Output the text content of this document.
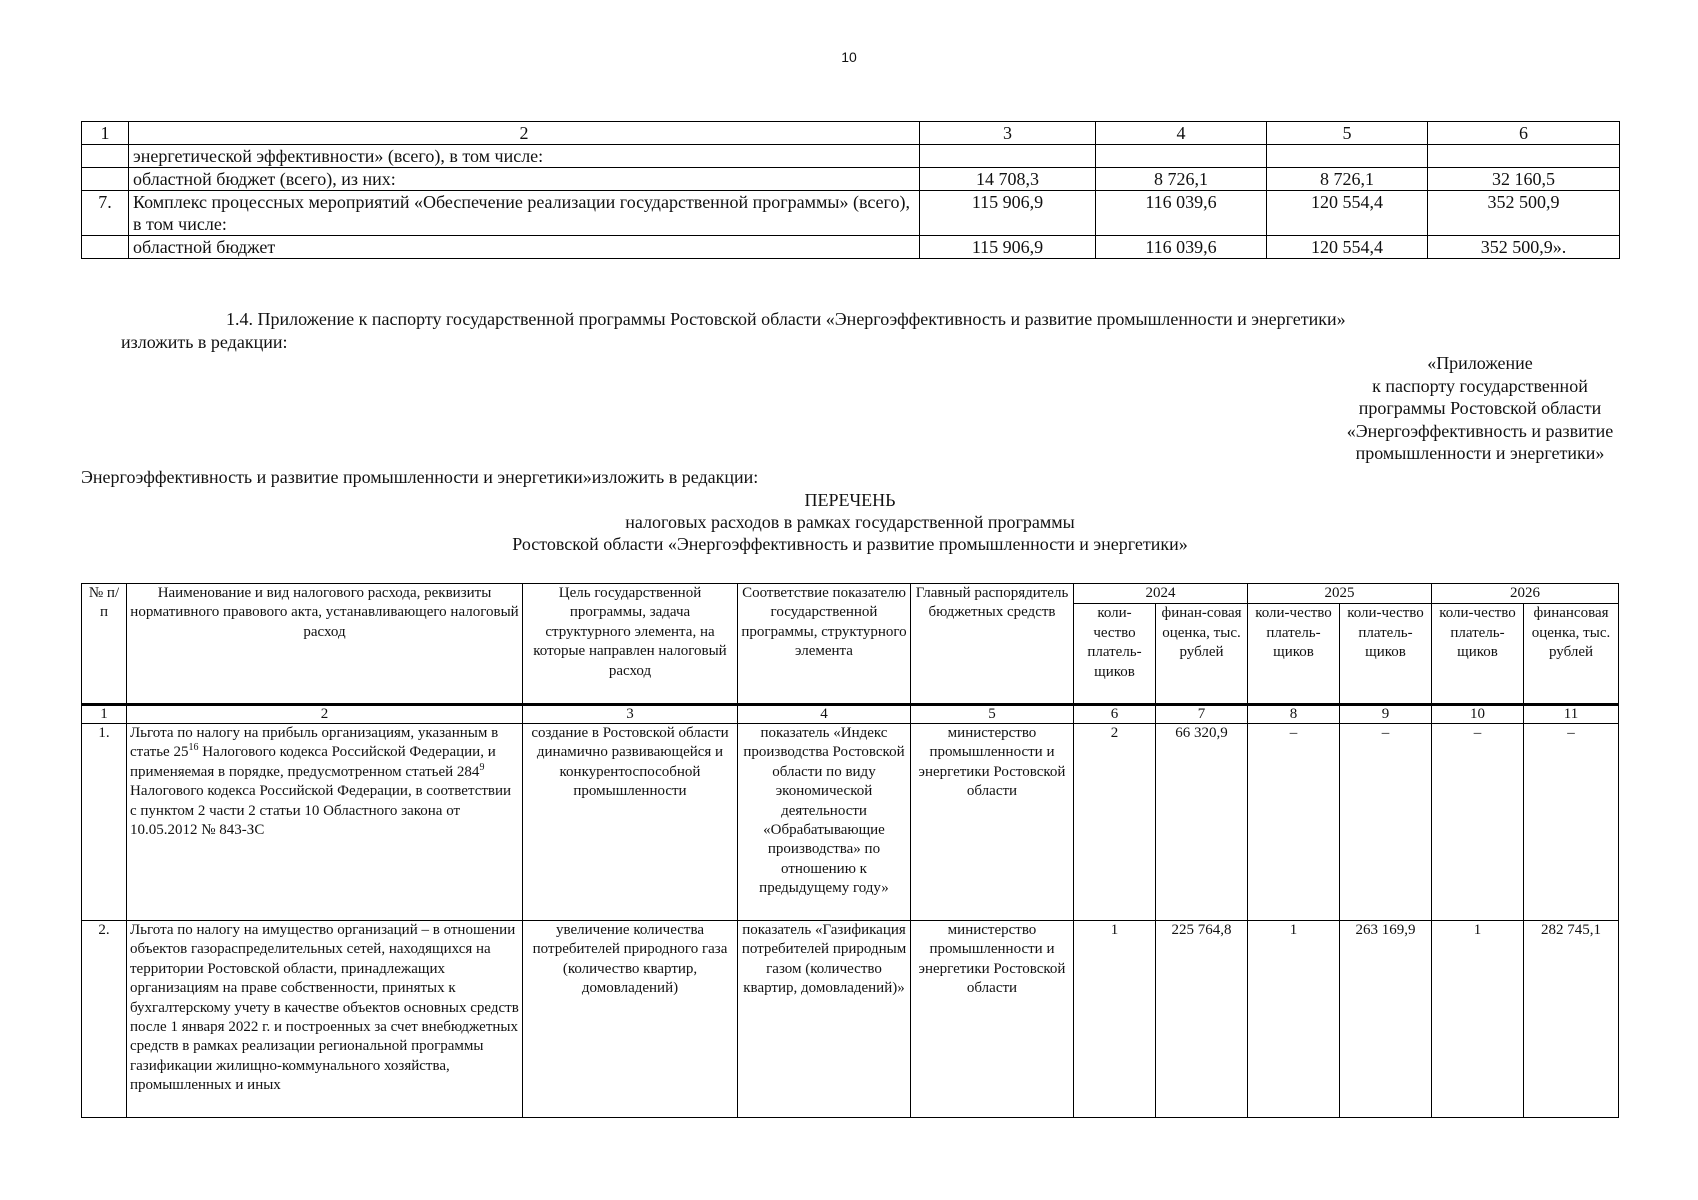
10
1	2	3	4	5	6
	энергетической эффективности» (всего), в том числе:				
	областной бюджет (всего), из них:	14 708,3	8 726,1	8 726,1	32 160,5
7.	Комплекс процессных мероприятий «Обеспечение реализации государственной программы» (всего), в том числе:	115 906,9	116 039,6	120 554,4	352 500,9
	областной бюджет	115 906,9	116 039,6	120 554,4	352 500,9».
1.4. Приложение к паспорту государственной программы Ростовской области «Энергоэффективность и развитие промышленности и энергетики»
изложить в редакции:
«Приложение
к паспорту государственной
программы Ростовской области
«Энергоэффективность и развитие
промышленности и энергетики»
Энергоэффективность и развитие промышленности и энергетики»изложить в редакции:
ПЕРЕЧЕНЬ
налоговых расходов в рамках государственной программы
Ростовской области «Энергоэффективность и развитие промышленности и энергетики»
№ п/п	Наименование и вид налогового расхода, реквизиты нормативного правового акта, устанавливающего налоговый расход	Цель государственной программы, задача структурного элемента, на которые направлен налоговый расход	Соответствие показателю государственной программы, структурного элемента	Главный распорядитель бюджетных средств	2024		2025		2026	
					коли-чество платель-щиков	финан-совая оценка, тыс. рублей	коли-чество платель-щиков	коли-чество платель-щиков	коли-чество платель-щиков	финансовая оценка, тыс. рублей
1	2	3	4	5	6	7	8	9	10	11
1.	Льгота по налогу на прибыль организациям, указанным в статье $25^{16}$ Налогового кодекса Российской Федерации, и применяемая в порядке, предусмотренном статьей $284^9$ Налогового кодекса Российской Федерации, в соответствии с пунктом 2 части 2 статьи 10 Областного закона от 10.05.2012 № 843-ЗС	создание в Ростовской области динамично развивающейся и конкурентоспособной промышленности	показатель «Индекс производства Ростовской области по виду экономической деятельности «Обрабатывающие производства» по отношению к предыдущему году»	министерство промышленности и энергетики Ростовской области	2	66 320,9	–	–	–	–
2.	Льгота по налогу на имущество организаций – в отношении объектов газораспределительных сетей, находящихся на территории Ростовской области, принадлежащих организациям на праве собственности, принятых к бухгалтерскому учету в качестве объектов основных средств после 1 января 2022 г. и построенных за счет внебюджетных средств в рамках реализации региональной программы газификации жилищно-коммунального хозяйства, промышленных и иных	увеличение количества потребителей природного газа (количество квартир, домовладений)	показатель «Газификация потребителей природным газом (количество квартир, домовладений)»	министерство промышленности и энергетики Ростовской области	1	225 764,8	1	263 169,9	1	282 745,1
